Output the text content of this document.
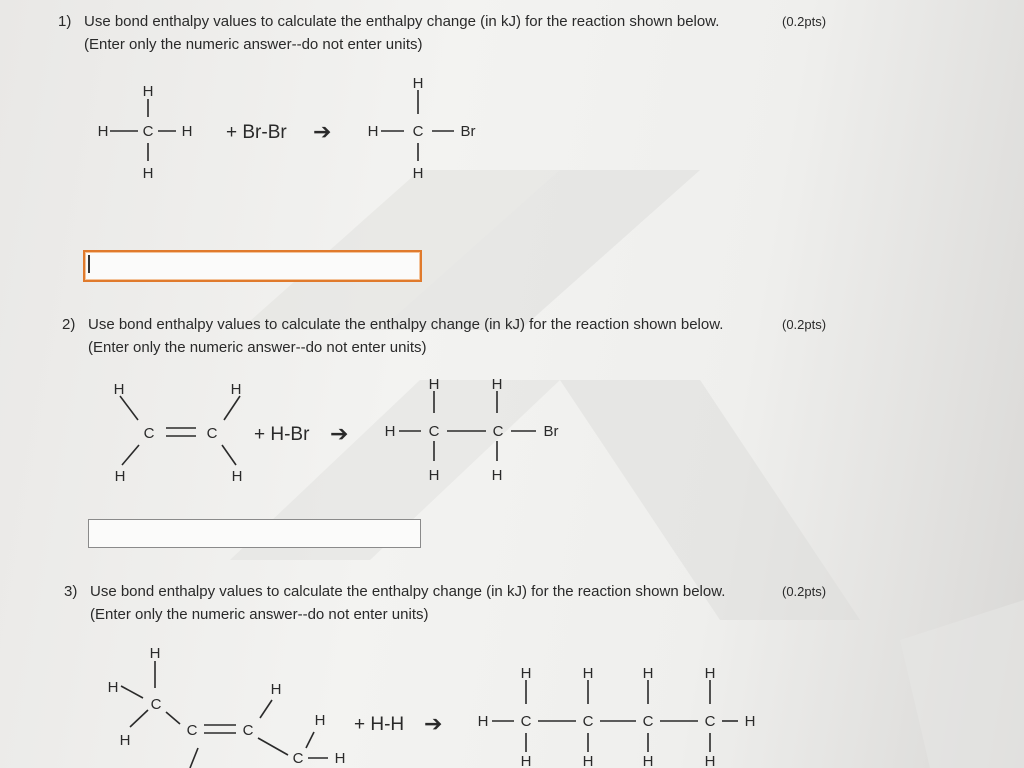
1) Use bond enthalpy values to calculate the enthalpy change (in kJ) for the reaction shown below.
(Enter only the numeric answer--do not enter units)
(0.2pts)
H
C
H	H
H
H
C
H	Br
H
H	H
C	C
H	H
H	H
H C	C	Br
H	H
H
H
C
H
C	C
H
H
C H
H	H	H	H
H C	C	C	C H
H	H	H	H
+ Br-Br ➔
+ H-Br ➔
+ H-H ➔
2) Use bond enthalpy values to calculate the enthalpy change (in kJ) for the reaction shown below.
(Enter only the numeric answer--do not enter units)
(0.2pts)
3) Use bond enthalpy values to calculate the enthalpy change (in kJ) for the reaction shown below.
(Enter only the numeric answer--do not enter units)
(0.2pts)
